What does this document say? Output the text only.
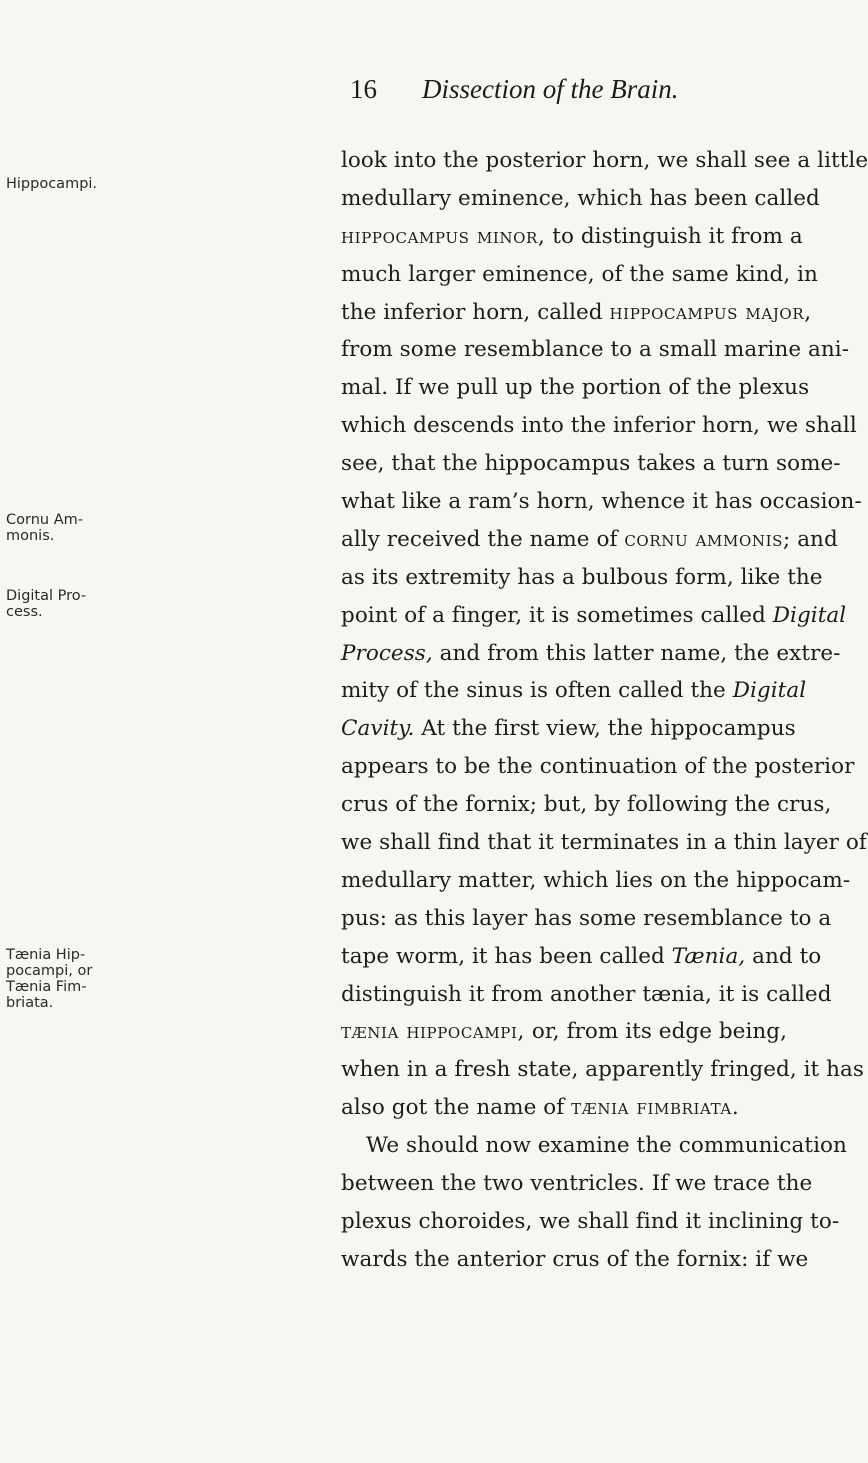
16 Dissection of the Brain.
Hippocampi.
Cornu Am-
monis.
Digital Pro-
cess.
Tænia Hip-
pocampi, or
Tænia Fim-
briata.
look into the posterior horn, we shall see a little
medullary eminence, which has been called
hippocampus minor, to distinguish it from a
much larger eminence, of the same kind, in
the inferior horn, called hippocampus major,
from some resemblance to a small marine ani-
mal. If we pull up the portion of the plexus
which descends into the inferior horn, we shall
see, that the hippocampus takes a turn some-
what like a ram’s horn, whence it has occasion-
ally received the name of cornu ammonis; and
as its extremity has a bulbous form, like the
point of a finger, it is sometimes called Digital
Process, and from this latter name, the extre-
mity of the sinus is often called the Digital
Cavity. At the first view, the hippocampus
appears to be the continuation of the posterior
crus of the fornix; but, by following the crus,
we shall find that it terminates in a thin layer of
medullary matter, which lies on the hippocam-
pus: as this layer has some resemblance to a
tape worm, it has been called Tænia, and to
distinguish it from another tænia, it is called
tænia hippocampi, or, from its edge being,
when in a fresh state, apparently fringed, it has
also got the name of tænia fimbriata.
We should now examine the communication
between the two ventricles. If we trace the
plexus choroides, we shall find it inclining to-
wards the anterior crus of the fornix: if we
